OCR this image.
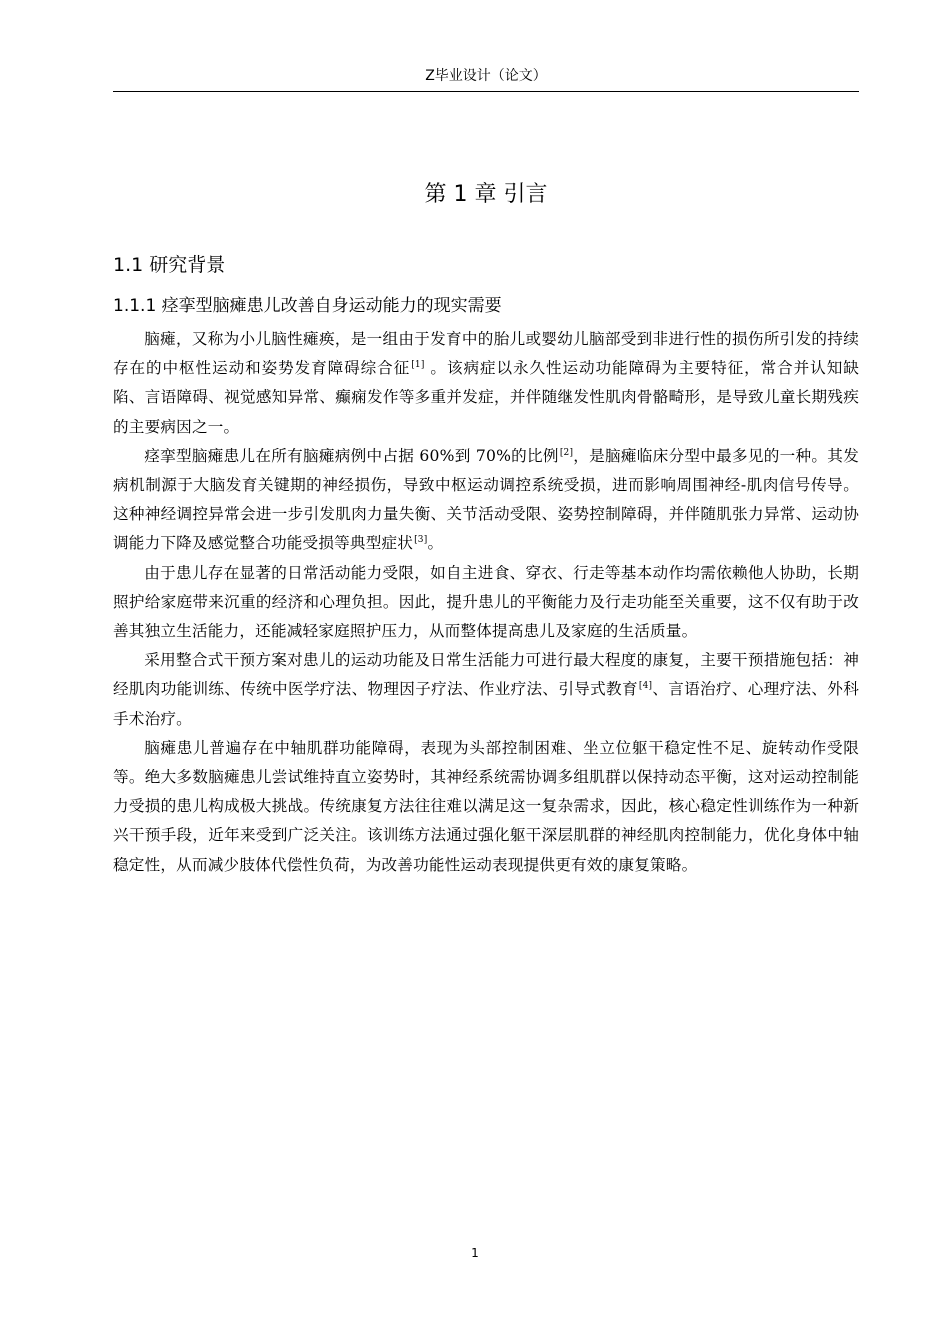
Z毕业设计（论文）
第 1 章 引言
1.1 研究背景
1.1.1 痉挛型脑瘫患儿改善自身运动能力的现实需要

脑瘫，又称为小儿脑性瘫痪，是一组由于发育中的胎儿或婴幼儿脑部受到非进行性的损伤所引发的持续存在的中枢性运动和姿势发育障碍综合征[1] 。该病症以永久性运动功能障碍为主要特征，常合并认知缺陷、言语障碍、视觉感知异常、癫痫发作等多重并发症，并伴随继发性肌肉骨骼畸形，是导致儿童长期残疾的主要病因之一。

痉挛型脑瘫患儿在所有脑瘫病例中占据 60%到 70%的比例[2]，是脑瘫临床分型中最多见的一种。其发病机制源于大脑发育关键期的神经损伤，导致中枢运动调控系统受损，进而影响周围神经-肌肉信号传导。这种神经调控异常会进一步引发肌肉力量失衡、关节活动受限、姿势控制障碍，并伴随肌张力异常、运动协调能力下降及感觉整合功能受损等典型症状[3]。

由于患儿存在显著的日常活动能力受限，如自主进食、穿衣、行走等基本动作均需依赖他人协助，长期照护给家庭带来沉重的经济和心理负担。因此，提升患儿的平衡能力及行走功能至关重要，这不仅有助于改善其独立生活能力，还能减轻家庭照护压力，从而整体提高患儿及家庭的生活质量。

采用整合式干预方案对患儿的运动功能及日常生活能力可进行最大程度的康复，主要干预措施包括：神经肌肉功能训练、传统中医学疗法、物理因子疗法、作业疗法、引导式教育[4]、言语治疗、心理疗法、外科手术治疗。

脑瘫患儿普遍存在中轴肌群功能障碍，表现为头部控制困难、坐立位躯干稳定性不足、旋转动作受限等。绝大多数脑瘫患儿尝试维持直立姿势时，其神经系统需协调多组肌群以保持动态平衡，这对运动控制能力受损的患儿构成极大挑战。传统康复方法往往难以满足这一复杂需求，因此，核心稳定性训练作为一种新兴干预手段，近年来受到广泛关注。该训练方法通过强化躯干深层肌群的神经肌肉控制能力，优化身体中轴稳定性，从而减少肢体代偿性负荷，为改善功能性运动表现提供更有效的康复策略。

1
